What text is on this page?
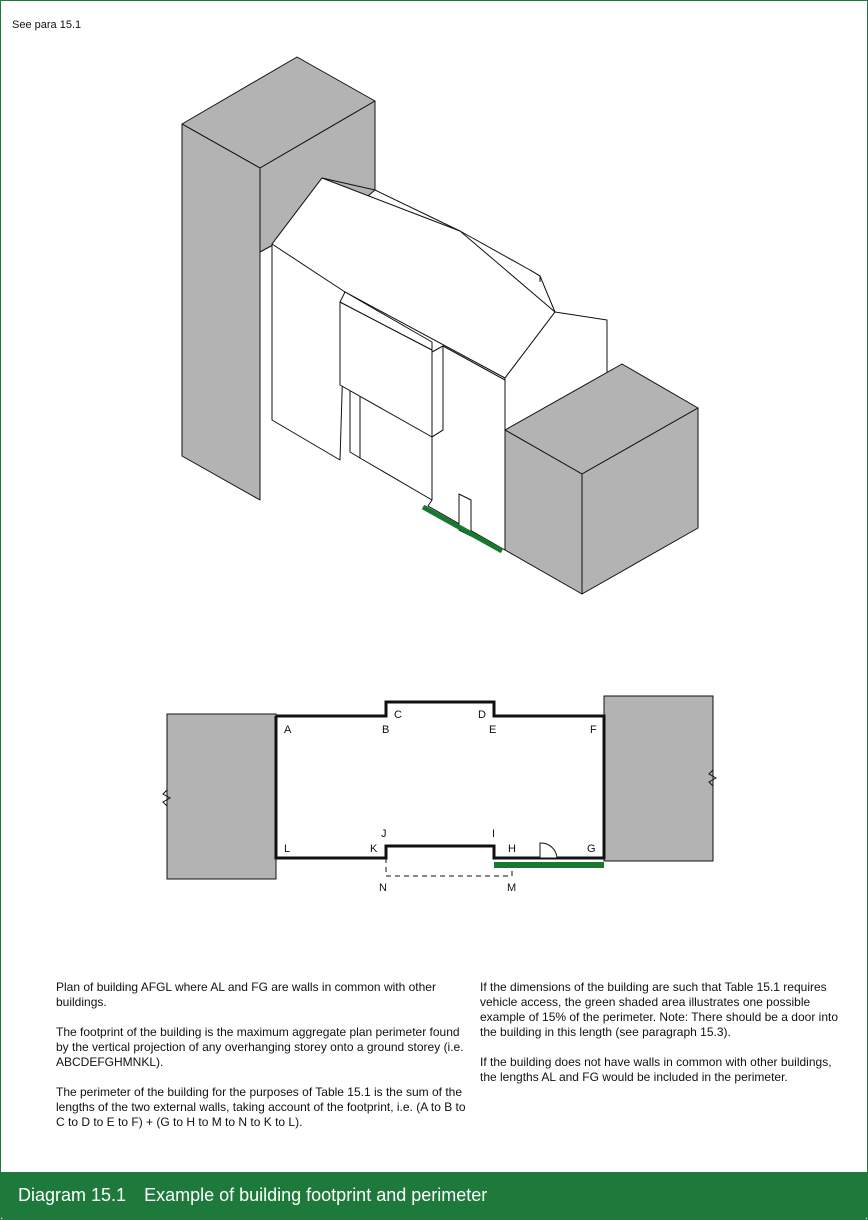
See para 15.1
A	B
C	D
E	F
G
H
I
J
K
L
M
N

Plan of building AFGL where AL and FG are walls in common with other buildings.

The footprint of the building is the maximum aggregate plan perimeter found by the vertical projection of any overhanging storey onto a ground storey (i.e. ABCDEFGHMNKL).

The perimeter of the building for the purposes of Table 15.1 is the sum of the lengths of the two external walls, taking account of the footprint, i.e. (A to B to C to D to E to F) + (G to H to M to N to K to L).

If the dimensions of the building are such that Table 15.1 requires vehicle access, the green shaded area illustrates one possible example of 15% of the perimeter. Note: There should be a door into the building in this length (see paragraph 15.3).

If the building does not have walls in common with other buildings, the lengths AL and FG would be included in the perimeter.

Diagram 15.1 Example of building footprint and perimeter
